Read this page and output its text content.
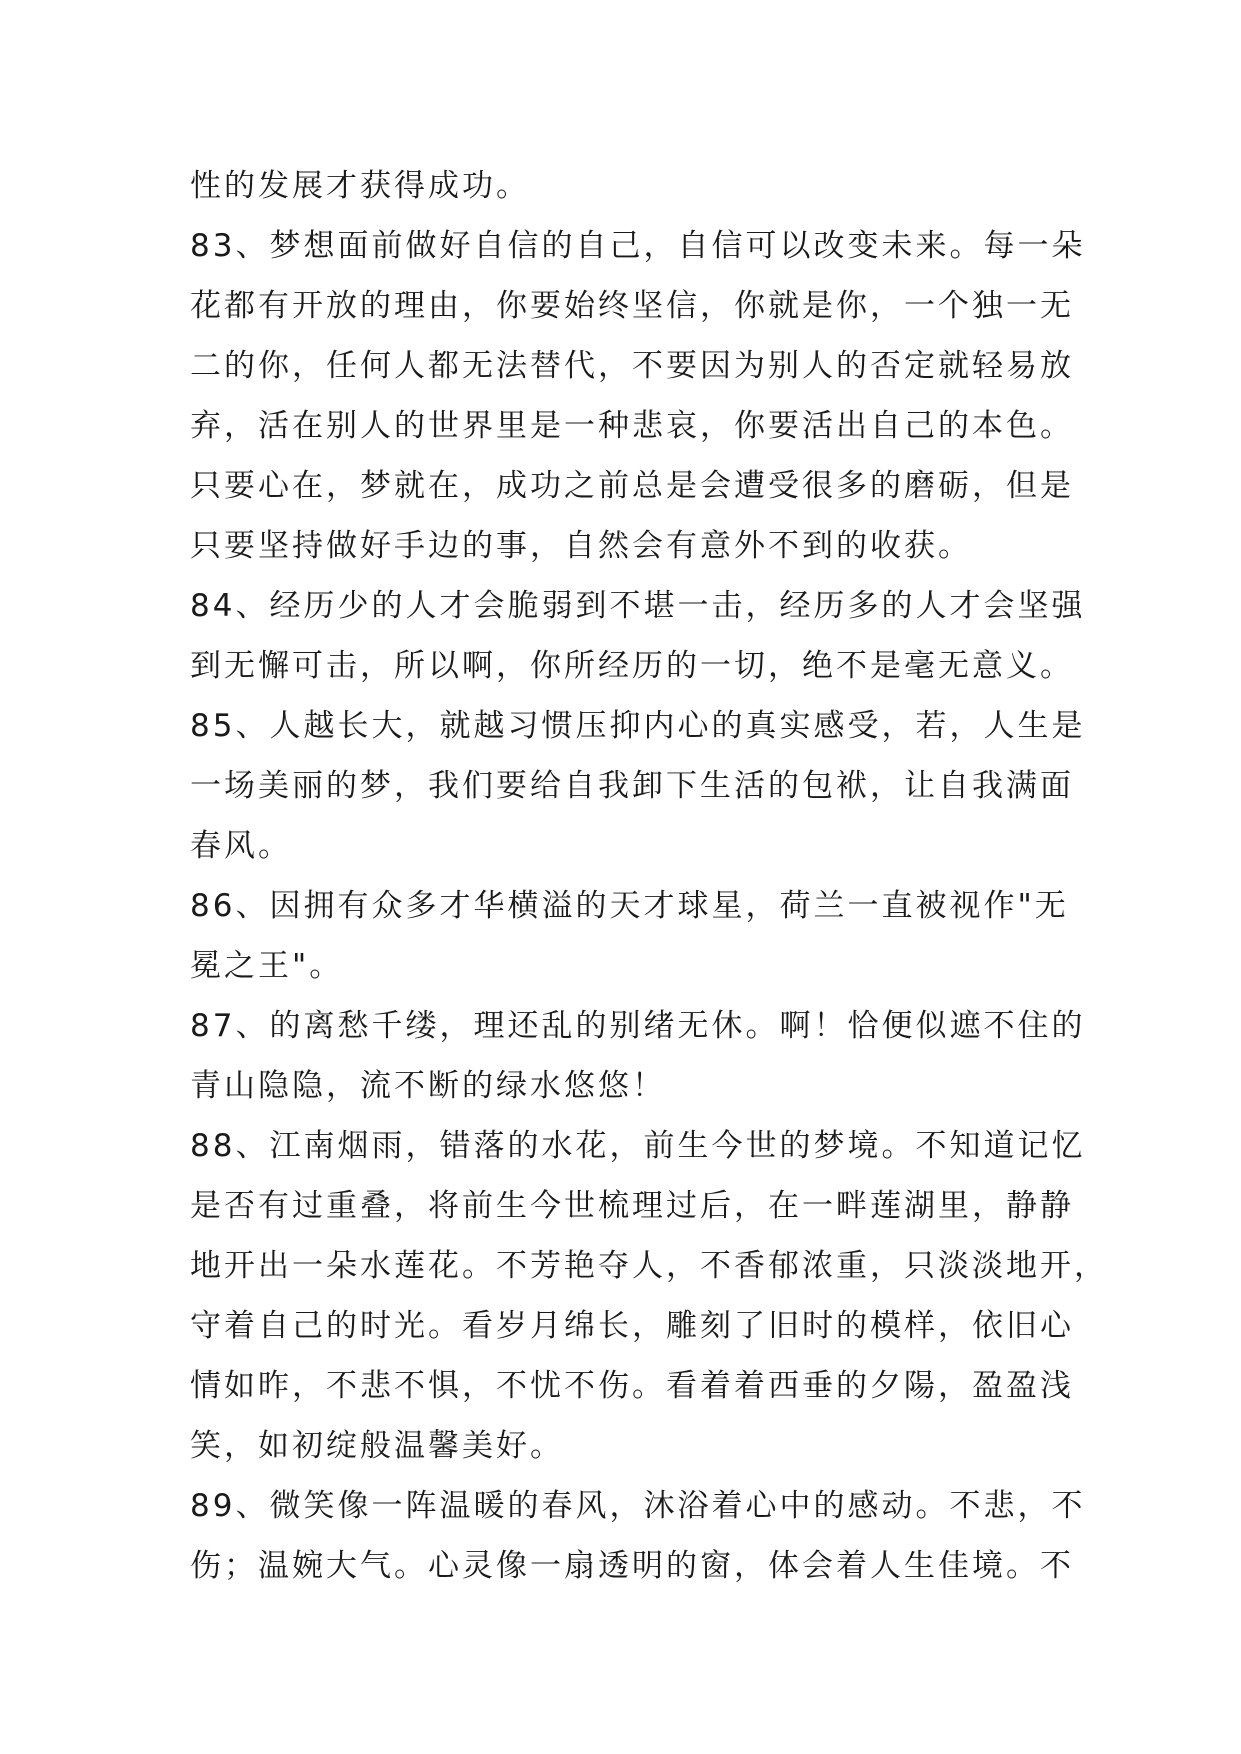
性的发展才获得成功。
83、梦想面前做好自信的自己，自信可以改变未来。每一朵
花都有开放的理由，你要始终坚信，你就是你，一个独一无
二的你，任何人都无法替代，不要因为别人的否定就轻易放
弃，活在别人的世界里是一种悲哀，你要活出自己的本色。
只要心在，梦就在，成功之前总是会遭受很多的磨砺，但是
只要坚持做好手边的事，自然会有意外不到的收获。
84、经历少的人才会脆弱到不堪一击，经历多的人才会坚强
到无懈可击，所以啊，你所经历的一切，绝不是毫无意义。
85、人越长大，就越习惯压抑内心的真实感受，若，人生是
一场美丽的梦，我们要给自我卸下生活的包袱，让自我满面
春风。
86、因拥有众多才华横溢的天才球星，荷兰一直被视作"无
冕之王"。
87、的离愁千缕，理还乱的别绪无休。啊！恰便似遮不住的
青山隐隐，流不断的绿水悠悠！
88、江南烟雨，错落的水花，前生今世的梦境。不知道记忆
是否有过重叠，将前生今世梳理过后，在一畔莲湖里，静静
地开出一朵水莲花。不芳艳夺人，不香郁浓重，只淡淡地开，
守着自己的时光。看岁月绵长，雕刻了旧时的模样，依旧心
情如昨，不悲不惧，不忧不伤。看着着西垂的夕陽，盈盈浅
笑，如初绽般温馨美好。
89、微笑像一阵温暖的春风，沐浴着心中的感动。不悲，不
伤；温婉大气。心灵像一扇透明的窗，体会着人生佳境。不
